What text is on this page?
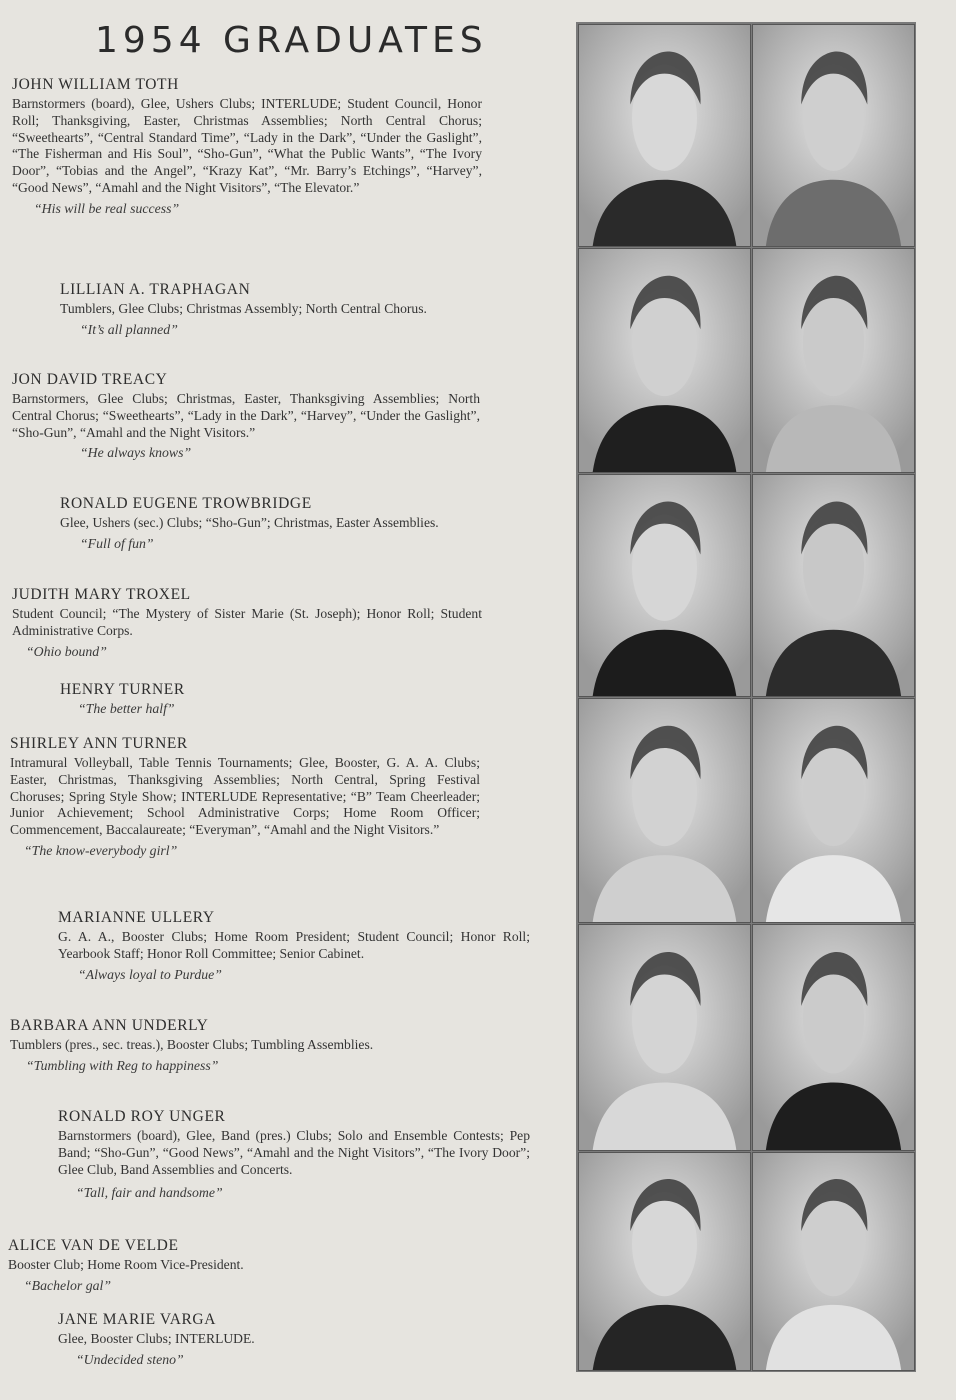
1954 GRADUATES
JOHN WILLIAM TOTH
Barnstormers (board), Glee, Ushers Clubs; INTERLUDE; Student Council, Honor Roll; Thanksgiving, Easter, Christmas Assemblies; North Central Chorus; “Sweethearts”, “Central Standard Time”, “Lady in the Dark”, “Under the Gaslight”, “The Fisherman and His Soul”, “Sho-Gun”, “What the Public Wants”, “The Ivory Door”, “Tobias and the Angel”, “Krazy Kat”, “Mr. Barry’s Etchings”, “Harvey”, “Good News”, “Amahl and the Night Visitors”, “The Elevator.”
“His will be real success”
LILLIAN A. TRAPHAGAN
Tumblers, Glee Clubs; Christmas Assembly; North Central Chorus.
“It’s all planned”
JON DAVID TREACY
Barnstormers, Glee Clubs; Christmas, Easter, Thanksgiving Assemblies; North Central Chorus; “Sweethearts”, “Lady in the Dark”, “Harvey”, “Under the Gaslight”, “Sho-Gun”, “Amahl and the Night Visitors.”
“He always knows”
RONALD EUGENE TROWBRIDGE
Glee, Ushers (sec.) Clubs; “Sho-Gun”; Christmas, Easter Assemblies.
“Full of fun”
JUDITH MARY TROXEL
Student Council; “The Mystery of Sister Marie (St. Joseph); Honor Roll; Student Administrative Corps.
“Ohio bound”
HENRY TURNER
“The better half”
SHIRLEY ANN TURNER
Intramural Volleyball, Table Tennis Tournaments; Glee, Booster, G. A. A. Clubs; Easter, Christmas, Thanksgiving Assemblies; North Central, Spring Festival Choruses; Spring Style Show; INTERLUDE Representative; “B” Team Cheerleader; Junior Achievement; School Administrative Corps; Home Room Officer; Commencement, Baccalaureate; “Everyman”, “Amahl and the Night Visitors.”
“The know-everybody girl”
MARIANNE ULLERY
G. A. A., Booster Clubs; Home Room President; Student Council; Honor Roll; Yearbook Staff; Honor Roll Committee; Senior Cabinet.
“Always loyal to Purdue”
BARBARA ANN UNDERLY
Tumblers (pres., sec. treas.), Booster Clubs; Tumbling Assemblies.
“Tumbling with Reg to happiness”
RONALD ROY UNGER
Barnstormers (board), Glee, Band (pres.) Clubs; Solo and Ensemble Contests; Pep Band; “Sho-Gun”, “Good News”, “Amahl and the Night Visitors”, “The Ivory Door”; Glee Club, Band Assemblies and Concerts.
“Tall, fair and handsome”
ALICE VAN DE VELDE
Booster Club; Home Room Vice-President.
“Bachelor gal”
JANE MARIE VARGA
Glee, Booster Clubs; INTERLUDE.
“Undecided steno”
